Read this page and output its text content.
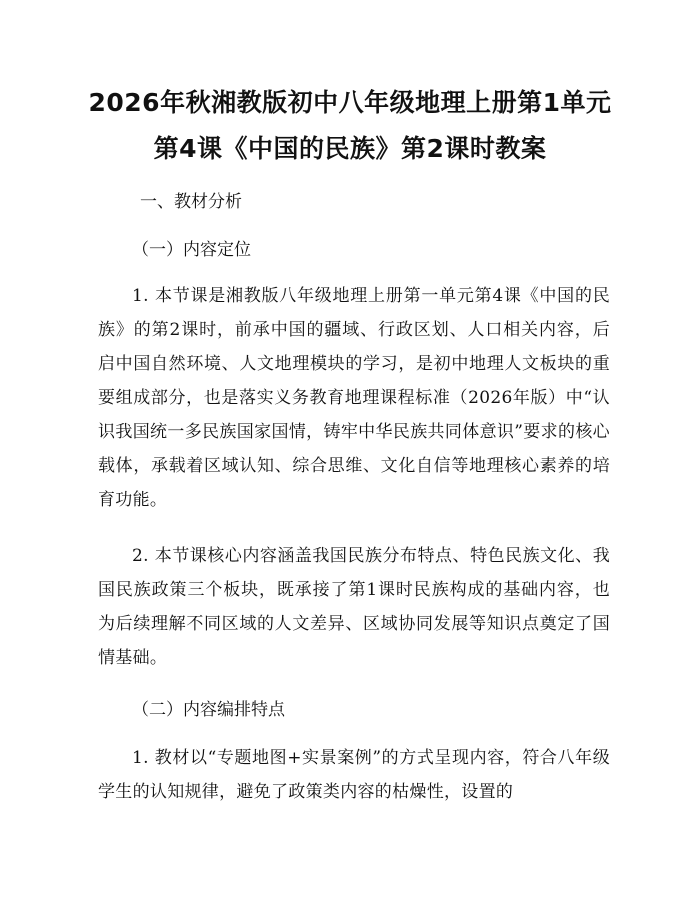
2026年秋湘教版初中八年级地理上册第1单元第4课《中国的民族》第2课时教案
一、教材分析
（一）内容定位
1. 本节课是湘教版八年级地理上册第一单元第4课《中国的民族》的第2课时，前承中国的疆域、行政区划、人口相关内容，后启中国自然环境、人文地理模块的学习，是初中地理人文板块的重要组成部分，也是落实义务教育地理课程标准（2026年版）中“认识我国统一多民族国家国情，铸牢中华民族共同体意识”要求的核心载体，承载着区域认知、综合思维、文化自信等地理核心素养的培育功能。
2. 本节课核心内容涵盖我国民族分布特点、特色民族文化、我国民族政策三个板块，既承接了第1课时民族构成的基础内容，也为后续理解不同区域的人文差异、区域协同发展等知识点奠定了国情基础。
（二）内容编排特点
1. 教材以“专题地图+实景案例”的方式呈现内容，符合八年级学生的认知规律，避免了政策类内容的枯燥性，设置的
